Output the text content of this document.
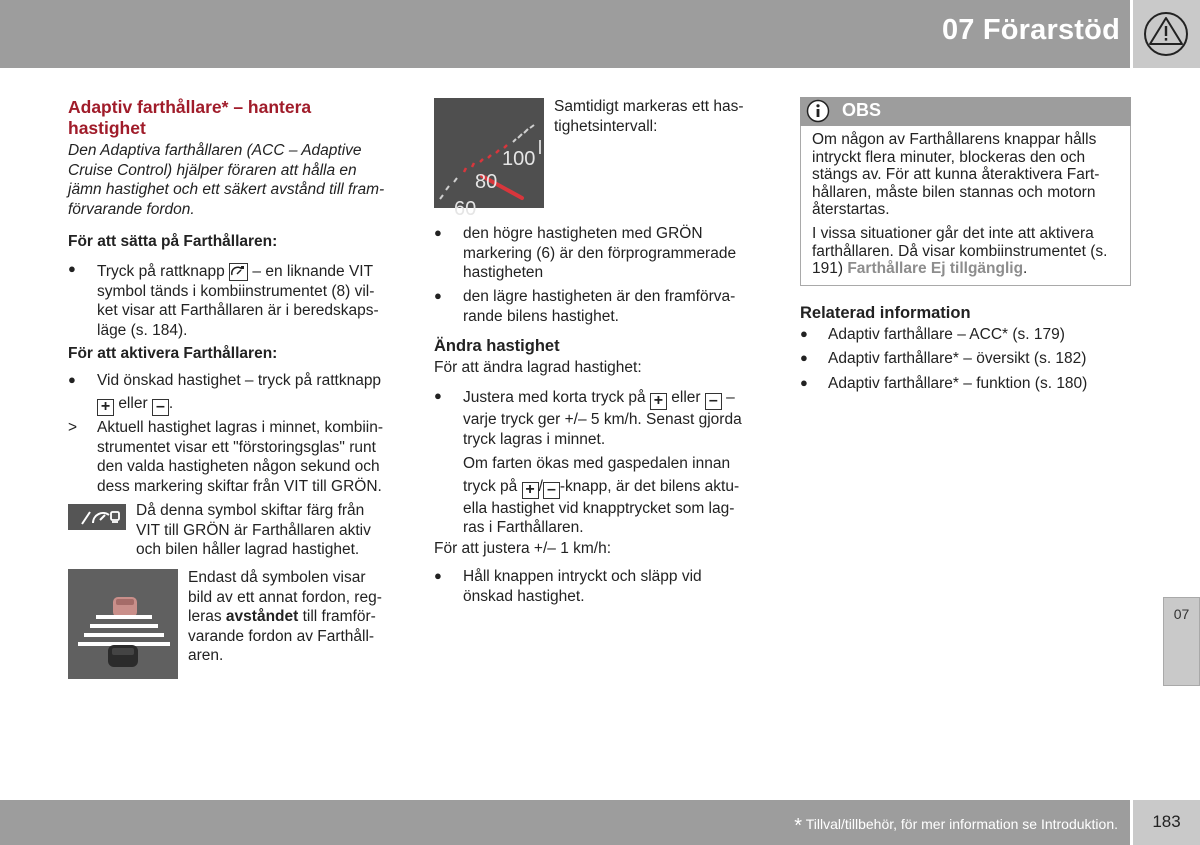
07 Förarstöd
Adaptiv farthållare* – hantera
hastighet
Den Adaptiva farthållaren (ACC – Adaptive
Cruise Control) hjälper föraren att hålla en
jämn hastighet och ett säkert avstånd till fram-
förvarande fordon.
För att sätta på Farthållaren:
● Tryck på rattknapp – en liknande VIT
symbol tänds i kombiinstrumentet (8) vil-
ket visar att Farthållaren är i beredskaps-
läge (s. 184).
För att aktivera Farthållaren:
● Vid önskad hastighet – tryck på rattknapp
+ eller – .
> Aktuell hastighet lagras i minnet, kombiin-
strumentet visar ett "förstoringsglas" runt
den valda hastigheten någon sekund och
dess markering skiftar från VIT till GRÖN.
Då denna symbol skiftar färg från
VIT till GRÖN är Farthållaren aktiv
och bilen håller lagrad hastighet.
Endast då symbolen visar
bild av ett annat fordon, reg-
leras avståndet till framför-
varande fordon av Farthåll-
aren.
100
80
60
Samtidigt markeras ett has-
tighetsintervall:
● den högre hastigheten med GRÖN
markering (6) är den förprogrammerade
hastigheten
● den lägre hastigheten är den framförva-
rande bilens hastighet.
Ändra hastighet
För att ändra lagrad hastighet:
● Justera med korta tryck på + eller – –
varje tryck ger +/– 5 km/h. Senast gjorda
tryck lagras i minnet.
Om farten ökas med gaspedalen innan
tryck på + / – -knapp, är det bilens aktu-
ella hastighet vid knapptrycket som lag-
ras i Farthållaren.
För att justera +/– 1 km/h:
● Håll knappen intryckt och släpp vid
önskad hastighet.
OBS
Om någon av Farthållarens knappar hålls
intryckt flera minuter, blockeras den och
stängs av. För att kunna återaktivera Fart-
hållaren, måste bilen stannas och motorn
återstartas.
I vissa situationer går det inte att aktivera
farthållaren. Då visar kombiinstrumentet (s.
191) Farthållare Ej tillgänglig.
Relaterad information
● Adaptiv farthållare – ACC* (s. 179)
● Adaptiv farthållare* – översikt (s. 182)
● Adaptiv farthållare* – funktion (s. 180)
07
* Tillval/tillbehör, för mer information se Introduktion.	183
